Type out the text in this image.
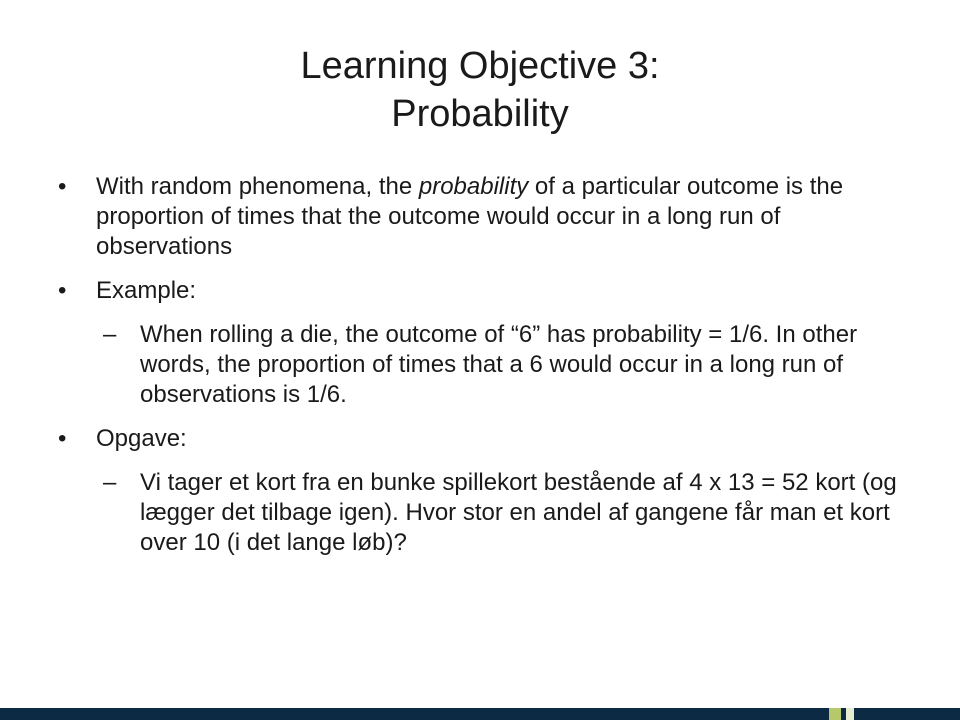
Learning Objective 3:
Probability
•	With random phenomena, the probability of a particular outcome is the proportion of times that the outcome would occur in a long run of observations
•	Example:
– When rolling a die, the outcome of “6” has probability = 1/6. In other words, the proportion of times that a 6 would occur in a long run of observations is 1/6.
•	Opgave:
– Vi tager et kort fra en bunke spillekort bestående af 4 x 13 = 52 kort (og lægger det tilbage igen). Hvor stor en andel af gangene får man et kort over 10 (i det lange løb)?
